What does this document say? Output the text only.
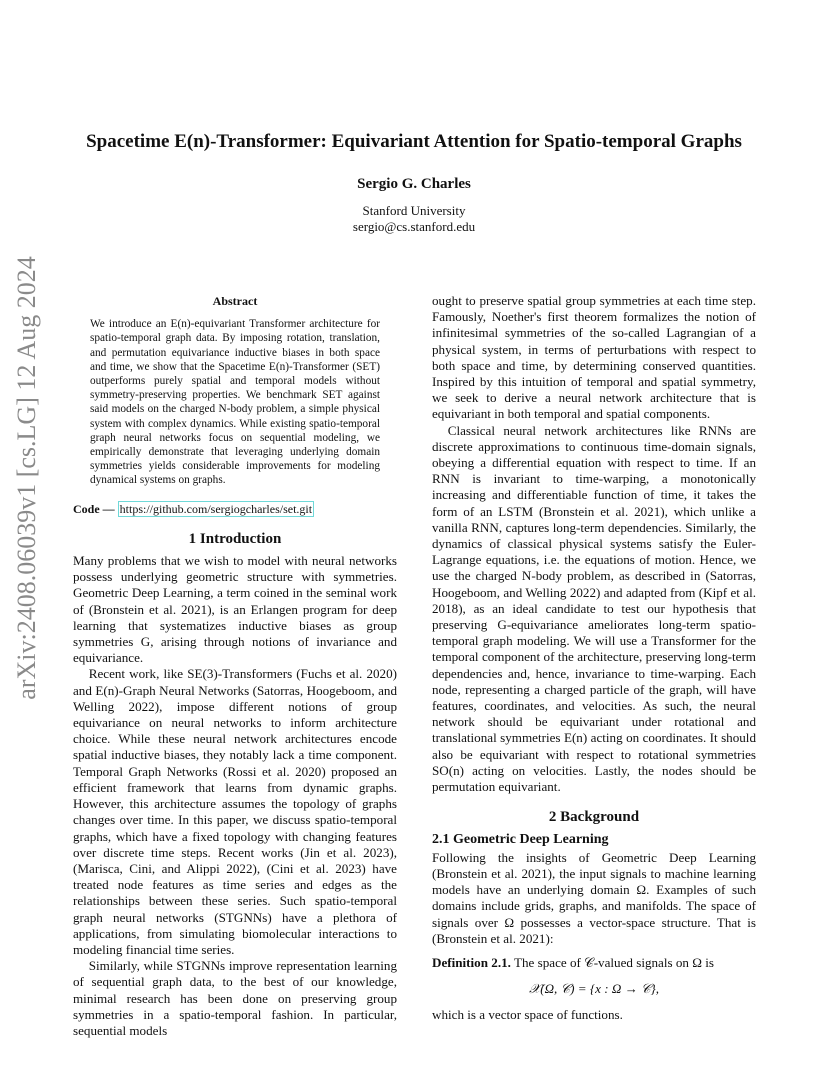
Spacetime E(n)-Transformer: Equivariant Attention for Spatio-temporal Graphs
Sergio G. Charles
Stanford University
sergio@cs.stanford.edu
arXiv:2408.06039v1 [cs.LG] 12 Aug 2024	Abstract
We introduce an E(n)-equivariant Transformer architecture for spatio-temporal graph data. By imposing rotation, translation, and permutation equivariance inductive biases in both space and time, we show that the Spacetime E(n)-Transformer (SET) outperforms purely spatial and temporal models without symmetry-preserving properties. We benchmark SET against said models on the charged N-body problem, a simple physical system with complex dynamics. While existing spatio-temporal graph neural networks focus on sequential modeling, we empirically demonstrate that leveraging underlying domain symmetries yields considerable improvements for modeling dynamical systems on graphs.
Code — https://github.com/sergiogcharles/set.git
1 Introduction

Many problems that we wish to model with neural networks possess underlying geometric structure with symmetries. Geometric Deep Learning, a term coined in the seminal work of (Bronstein et al. 2021), is an Erlangen program for deep learning that systematizes inductive biases as group symmetries G, arising through notions of invariance and equivariance.

Recent work, like SE(3)-Transformers (Fuchs et al. 2020) and E(n)-Graph Neural Networks (Satorras, Hoogeboom, and Welling 2022), impose different notions of group equivariance on neural networks to inform architecture choice. While these neural network architectures encode spatial inductive biases, they notably lack a time component. Temporal Graph Networks (Rossi et al. 2020) proposed an efficient framework that learns from dynamic graphs. However, this architecture assumes the topology of graphs changes over time. In this paper, we discuss spatio-temporal graphs, which have a fixed topology with changing features over discrete time steps. Recent works (Jin et al. 2023), (Marisca, Cini, and Alippi 2022), (Cini et al. 2023) have treated node features as time series and edges as the relationships between these series. Such spatio-temporal graph neural networks (STGNNs) have a plethora of applications, from simulating biomolecular interactions to modeling financial time series.

Similarly, while STGNNs improve representation learning of sequential graph data, to the best of our knowledge, minimal research has been done on preserving group symmetries in a spatio-temporal fashion. In particular, sequential models

ought to preserve spatial group symmetries at each time step. Famously, Noether's first theorem formalizes the notion of infinitesimal symmetries of the so-called Lagrangian of a physical system, in terms of perturbations with respect to both space and time, by determining conserved quantities. Inspired by this intuition of temporal and spatial symmetry, we seek to derive a neural network architecture that is equivariant in both temporal and spatial components.

Classical neural network architectures like RNNs are discrete approximations to continuous time-domain signals, obeying a differential equation with respect to time. If an RNN is invariant to time-warping, a monotonically increasing and differentiable function of time, it takes the form of an LSTM (Bronstein et al. 2021), which unlike a vanilla RNN, captures long-term dependencies. Similarly, the dynamics of classical physical systems satisfy the Euler-Lagrange equations, i.e. the equations of motion. Hence, we use the charged N-body problem, as described in (Satorras, Hoogeboom, and Welling 2022) and adapted from (Kipf et al. 2018), as an ideal candidate to test our hypothesis that preserving G-equivariance ameliorates long-term spatio-temporal graph modeling. We will use a Transformer for the temporal component of the architecture, preserving long-term dependencies and, hence, invariance to time-warping. Each node, representing a charged particle of the graph, will have features, coordinates, and velocities. As such, the neural network should be equivariant under rotational and translational symmetries E(n) acting on coordinates. It should also be equivariant with respect to rotational symmetries SO(n) acting on velocities. Lastly, the nodes should be permutation equivariant.

2 Background
2.1 Geometric Deep Learning

Following the insights of Geometric Deep Learning (Bronstein et al. 2021), the input signals to machine learning models have an underlying domain Ω. Examples of such domains include grids, graphs, and manifolds. The space of signals over Ω possesses a vector-space structure. That is (Bronstein et al. 2021):

Definition 2.1. The space of 𝒞-valued signals on Ω is

𝒳(Ω, 𝒞) = {x : Ω → 𝒞},

which is a vector space of functions.
